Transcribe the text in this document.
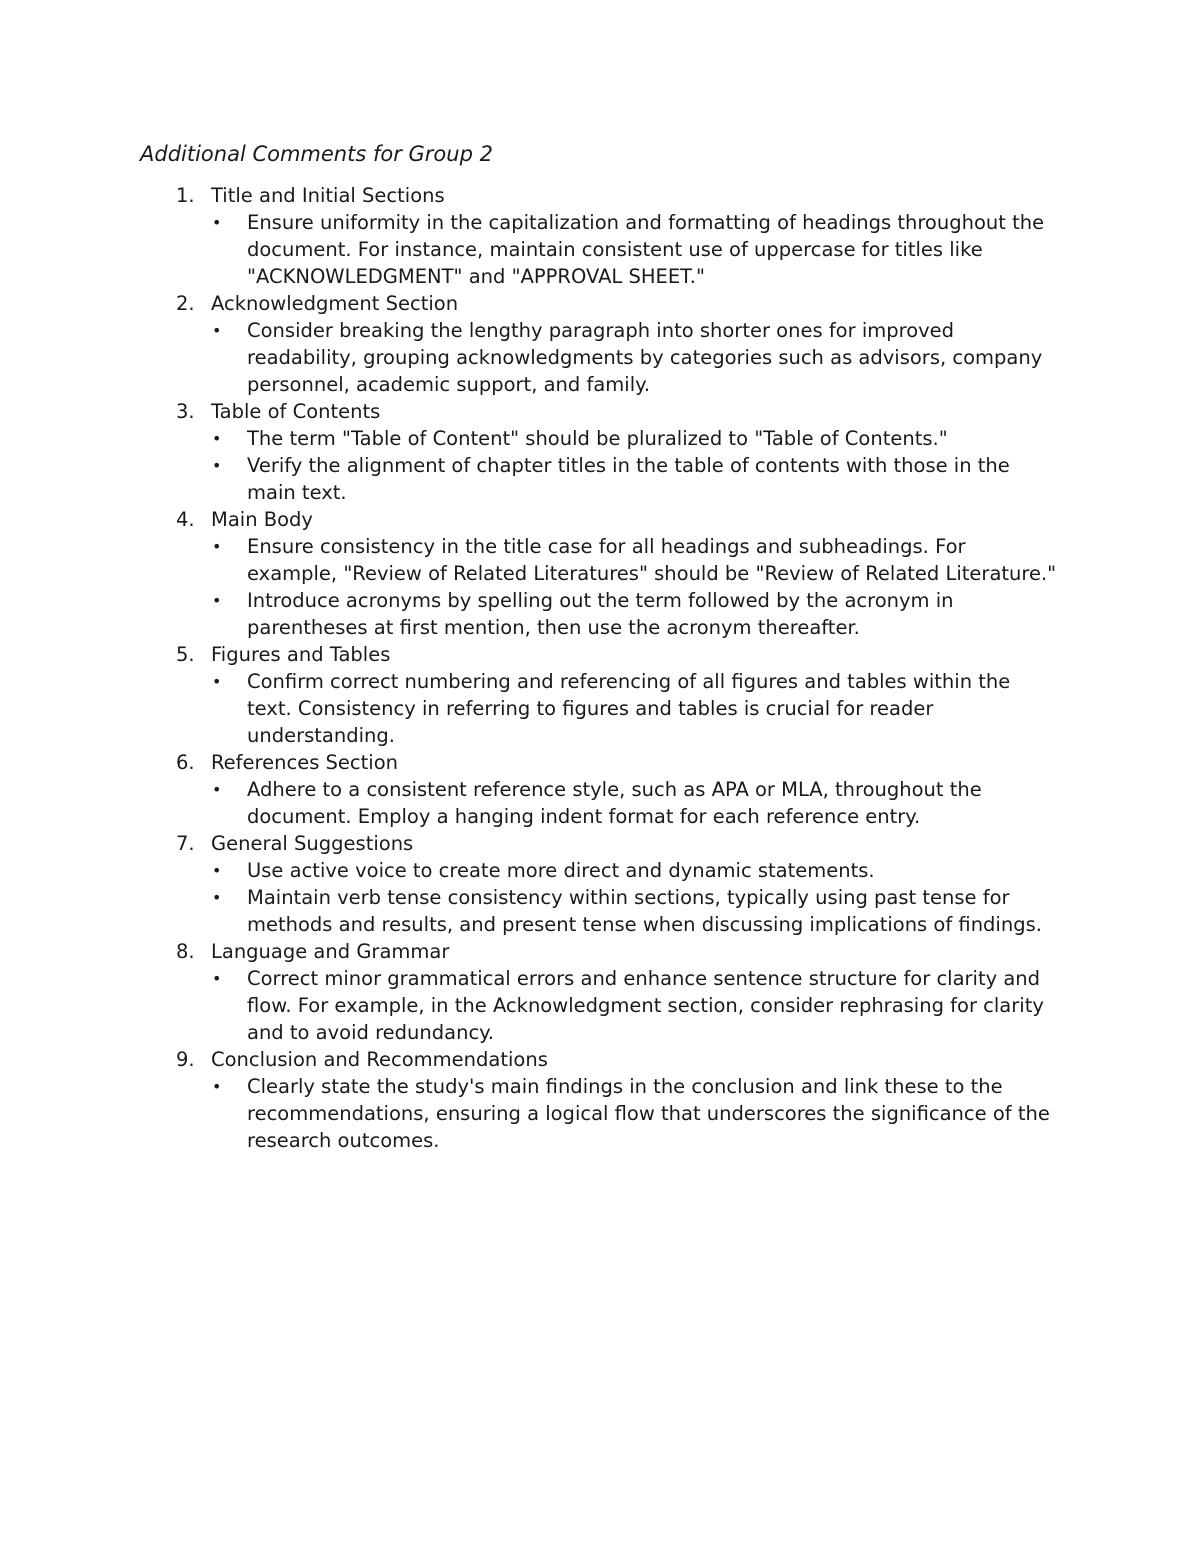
Additional Comments for Group 2
1. Title and Initial Sections
• Ensure uniformity in the capitalization and formatting of headings throughout the document. For instance, maintain consistent use of uppercase for titles like "ACKNOWLEDGMENT" and "APPROVAL SHEET."
2. Acknowledgment Section
• Consider breaking the lengthy paragraph into shorter ones for improved readability, grouping acknowledgments by categories such as advisors, company personnel, academic support, and family.
3. Table of Contents
• The term "Table of Content" should be pluralized to "Table of Contents."
• Verify the alignment of chapter titles in the table of contents with those in the main text.
4. Main Body
• Ensure consistency in the title case for all headings and subheadings. For example, "Review of Related Literatures" should be "Review of Related Literature."
• Introduce acronyms by spelling out the term followed by the acronym in parentheses at first mention, then use the acronym thereafter.
5. Figures and Tables
• Confirm correct numbering and referencing of all figures and tables within the text. Consistency in referring to figures and tables is crucial for reader understanding.
6. References Section
• Adhere to a consistent reference style, such as APA or MLA, throughout the document. Employ a hanging indent format for each reference entry.
7. General Suggestions
• Use active voice to create more direct and dynamic statements.
• Maintain verb tense consistency within sections, typically using past tense for methods and results, and present tense when discussing implications of findings.
8. Language and Grammar
• Correct minor grammatical errors and enhance sentence structure for clarity and flow. For example, in the Acknowledgment section, consider rephrasing for clarity and to avoid redundancy.
9. Conclusion and Recommendations
• Clearly state the study's main findings in the conclusion and link these to the recommendations, ensuring a logical flow that underscores the significance of the research outcomes.
